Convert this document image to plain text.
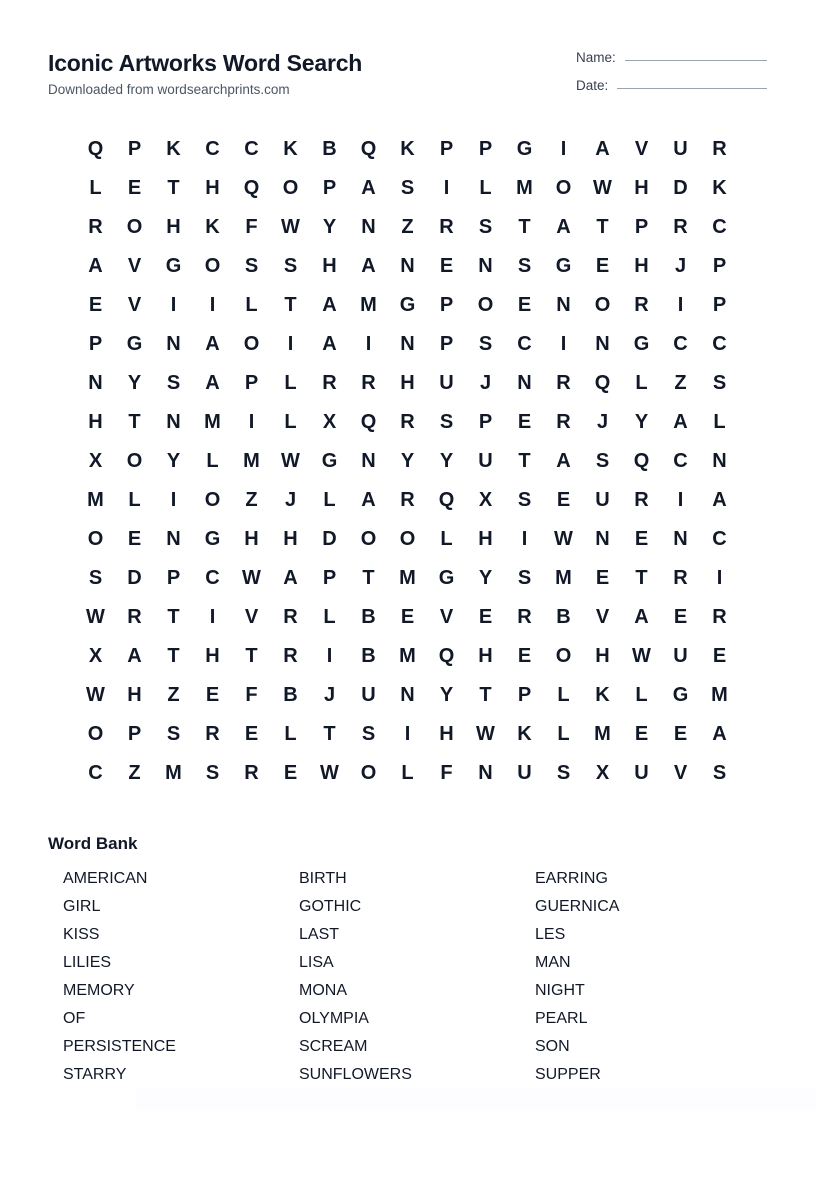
Iconic Artworks Word Search
Downloaded from wordsearchprints.com
Name:
Date:
Q	P	K	C	C	K	B	Q	K	P	P	G	I	A	V	U	R
L	E	T	H	Q	O	P	A	S	I	L	M	O	W	H	D	K
R	O	H	K	F	W	Y	N	Z	R	S	T	A	T	P	R	C
A	V	G	O	S	S	H	A	N	E	N	S	G	E	H	J	P
E	V	I	I	L	T	A	M	G	P	O	E	N	O	R	I	P
P	G	N	A	O	I	A	I	N	P	S	C	I	N	G	C	C
N	Y	S	A	P	L	R	R	H	U	J	N	R	Q	L	Z	S
H	T	N	M	I	L	X	Q	R	S	P	E	R	J	Y	A	L
X	O	Y	L	M	W	G	N	Y	Y	U	T	A	S	Q	C	N
M	L	I	O	Z	J	L	A	R	Q	X	S	E	U	R	I	A
O	E	N	G	H	H	D	O	O	L	H	I	W	N	E	N	C
S	D	P	C	W	A	P	T	M	G	Y	S	M	E	T	R	I
W	R	T	I	V	R	L	B	E	V	E	R	B	V	A	E	R
X	A	T	H	T	R	I	B	M	Q	H	E	O	H	W	U	E
W	H	Z	E	F	B	J	U	N	Y	T	P	L	K	L	G	M
O	P	S	R	E	L	T	S	I	H	W	K	L	M	E	E	A
C	Z	M	S	R	E	W	O	L	F	N	U	S	X	U	V	S
Word Bank
AMERICAN	BIRTH	EARRING
GIRL	GOTHIC	GUERNICA
KISS	LAST	LES
LILIES	LISA	MAN
MEMORY	MONA	NIGHT
OF	OLYMPIA	PEARL
PERSISTENCE	SCREAM	SON
STARRY	SUNFLOWERS	SUPPER
